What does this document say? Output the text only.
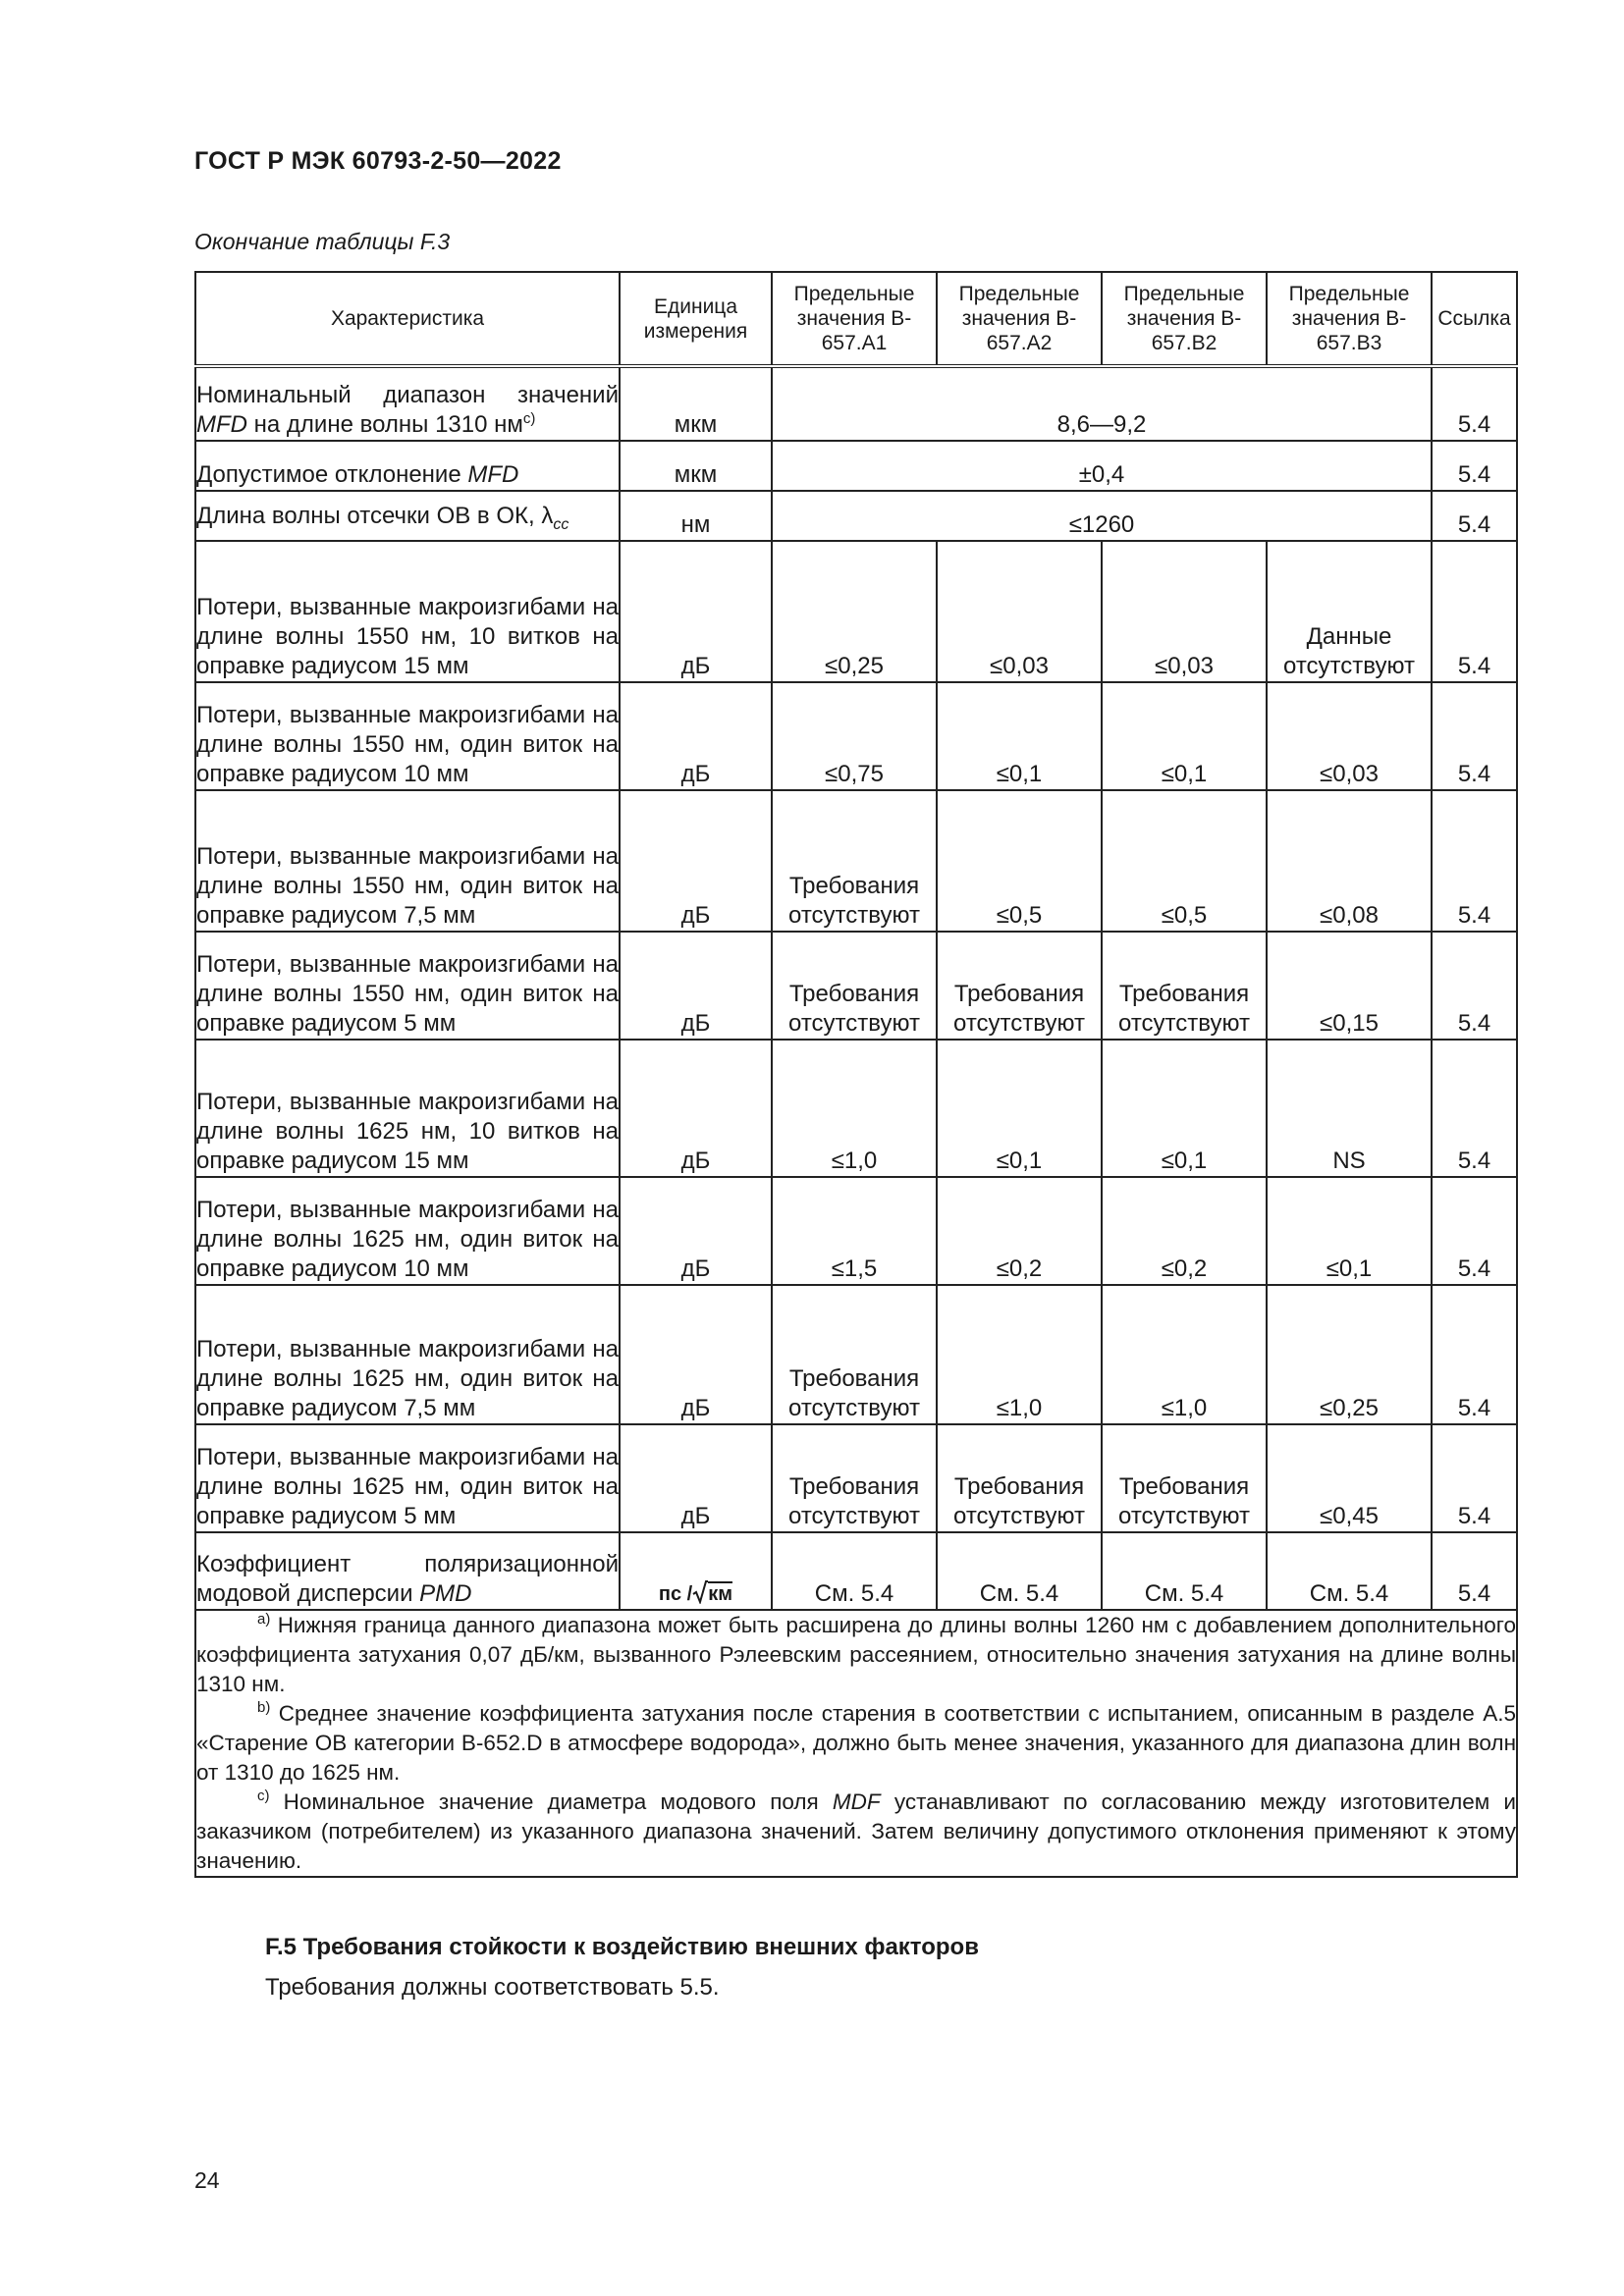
ГОСТ Р МЭК 60793-2-50—2022
Окончание таблицы F.3
Характеристика	Единица измерения	Предельные значения B-657.A1	Предельные значения B-657.A2	Предельные значения B-657.B2	Предельные значения B-657.B3	Ссылка
Номинальный диапазон значений MFD на длине волны 1310 $нм^{c)}$	мкм	8,6—9,2				5.4
Допустимое отклонение MFD	мкм	±0,4				5.4
Длина волны отсечки ОВ в ОК, $\lambda_{cc}$	нм	≤1260				5.4
Потери, вызванные макроизгибами на длине волны 1550 нм, 10 витков на оправке радиусом 15 мм	дБ	≤0,25	≤0,03	≤0,03	Данные отсутствуют	5.4
Потери, вызванные макроизгибами на длине волны 1550 нм, один виток на оправке радиусом 10 мм	дБ	≤0,75	≤0,1	≤0,1	≤0,03	5.4
Потери, вызванные макроизгибами на длине волны 1550 нм, один виток на оправке радиусом 7,5 мм	дБ	Требования отсутствуют	≤0,5	≤0,5	≤0,08	5.4
Потери, вызванные макроизгибами на длине волны 1550 нм, один виток на оправке радиусом 5 мм	дБ	Требования отсутствуют	Требования отсутствуют	Требования отсутствуют	≤0,15	5.4
Потери, вызванные макроизгибами на длине волны 1625 нм, 10 витков на оправке радиусом 15 мм	дБ	≤1,0	≤0,1	≤0,1	NS	5.4
Потери, вызванные макроизгибами на длине волны 1625 нм, один виток на оправке радиусом 10 мм	дБ	≤1,5	≤0,2	≤0,2	≤0,1	5.4
Потери, вызванные макроизгибами на длине волны 1625 нм, один виток на оправке радиусом 7,5 мм	дБ	Требования отсутствуют	≤1,0	≤1,0	≤0,25	5.4
Потери, вызванные макроизгибами на длине волны 1625 нм, один виток на оправке радиусом 5 мм	дБ	Требования отсутствуют	Требования отсутствуют	Требования отсутствуют	≤0,45	5.4
Коэффициент поляризационной модовой дисперсии PMD	пс / км	См. 5.4	См. 5.4	См. 5.4	См. 5.4	5.4

$^{a)}$ Нижняя граница данного диапазона может быть расширена до длины волны 1260 нм с добавлением дополнительного коэффициента затухания 0,07 дБ/км, вызванного Рэлеевским рассеянием, относительно значения затухания на длине волны 1310 нм.

$^{b)}$ Среднее значение коэффициента затухания после старения в соответствии с испытанием, описанным в разделе А.5 «Старение ОВ категории В-652.D в атмосфере водорода», должно быть менее значения, указанного для диапазона длин волн от 1310 до 1625 нм.

$^{c)}$ Номинальное значение диаметра модового поля MDF устанавливают по согласованию между изготовителем и заказчиком (потребителем) из указанного диапазона значений. Затем величину допустимого отклонения применяют к этому значению.						

F.5 Требования стойкости к воздействию внешних факторов
Требования должны соответствовать 5.5.
24
